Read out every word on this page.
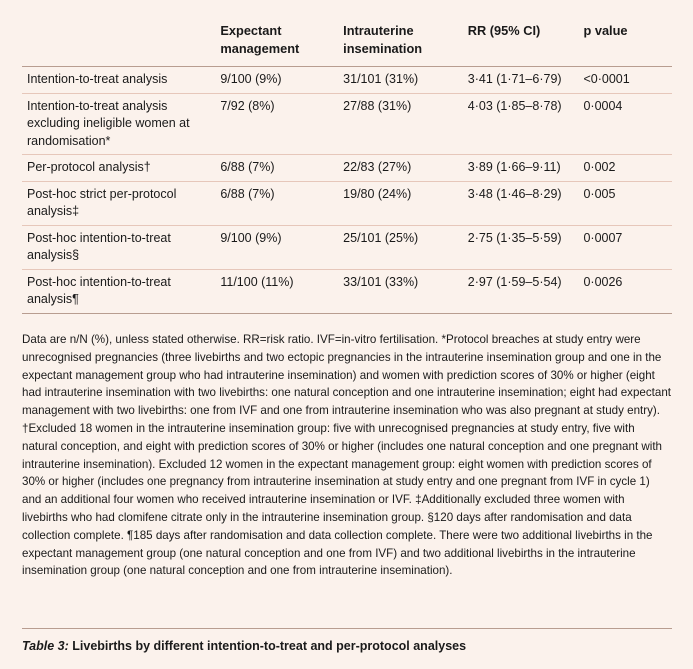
	Expectant management	Intrauterine insemination	RR (95% CI)	p value
Intention-to-treat analysis	9/100 (9%)	31/101 (31%)	3·41 (1·71–6·79)	<0·0001
Intention-to-treat analysis excluding ineligible women at randomisation*	7/92 (8%)	27/88 (31%)	4·03 (1·85–8·78)	0·0004
Per-protocol analysis†	6/88 (7%)	22/83 (27%)	3·89 (1·66–9·11)	0·002
Post-hoc strict per-protocol analysis‡	6/88 (7%)	19/80 (24%)	3·48 (1·46–8·29)	0·005
Post-hoc intention-to-treat analysis§	9/100 (9%)	25/101 (25%)	2·75 (1·35–5·59)	0·0007
Post-hoc intention-to-treat analysis¶	11/100 (11%)	33/101 (33%)	2·97 (1·59–5·54)	0·0026

Data are n/N (%), unless stated otherwise. RR=risk ratio. IVF=in-vitro fertilisation. *Protocol breaches at study entry were unrecognised pregnancies (three livebirths and two ectopic pregnancies in the intrauterine insemination group and one in the expectant management group who had intrauterine insemination) and women with prediction scores of 30% or higher (eight had intrauterine insemination with two livebirths: one natural conception and one intrauterine insemination; eight had expectant management with two livebirths: one from IVF and one from intrauterine insemination who was also pregnant at study entry). †Excluded 18 women in the intrauterine insemination group: five with unrecognised pregnancies at study entry, five with natural conception, and eight with prediction scores of 30% or higher (includes one natural conception and one pregnant with intrauterine insemination). Excluded 12 women in the expectant management group: eight women with prediction scores of 30% or higher (includes one pregnancy from intrauterine insemination at study entry and one pregnant from IVF in cycle 1) and an additional four women who received intrauterine insemination or IVF. ‡Additionally excluded three women with livebirths who had clomifene citrate only in the intrauterine insemination group. §120 days after randomisation and data collection complete. ¶185 days after randomisation and data collection complete. There were two additional livebirths in the expectant management group (one natural conception and one from IVF) and two additional livebirths in the intrauterine insemination group (one natural conception and one from intrauterine insemination).

Table 3: Livebirths by different intention-to-treat and per-protocol analyses
